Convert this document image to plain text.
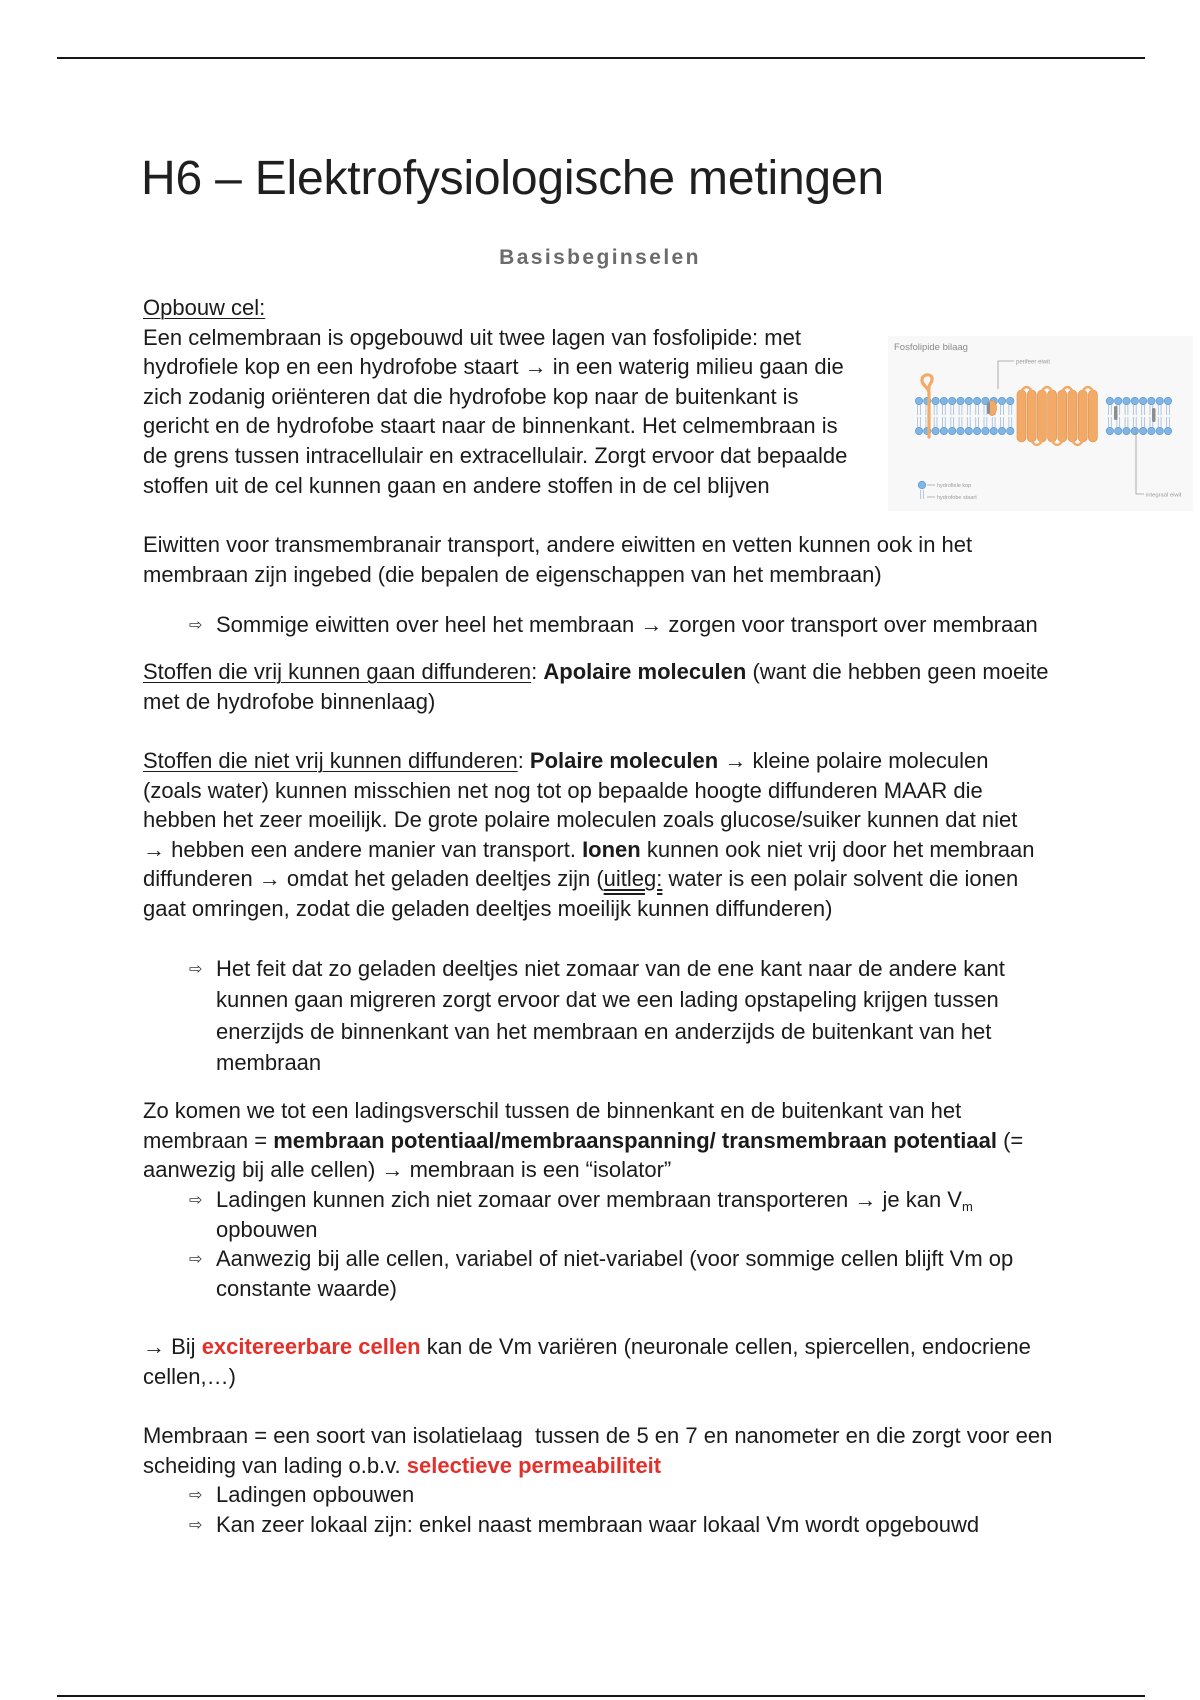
H6 – Elektrofysiologische metingen
Basisbeginselen
Opbouw cel:
Een celmembraan is opgebouwd uit twee lagen van fosfolipide: met
hydrofiele kop en een hydrofobe staart → in een waterig milieu gaan die
zich zodanig oriënteren dat die hydrofobe kop naar de buitenkant is
gericht en de hydrofobe staart naar de binnenkant. Het celmembraan is
de grens tussen intracellulair en extracellulair. Zorgt ervoor dat bepaalde
stoffen uit de cel kunnen gaan en andere stoffen in de cel blijven
Fosfolipide bilaag
perifeer eiwit
integraal eiwit
hydrofiele kop
hydrofobe staart
Eiwitten voor transmembranair transport, andere eiwitten en vetten kunnen ook in het
membraan zijn ingebed (die bepalen de eigenschappen van het membraan)
⇨ Sommige eiwitten over heel het membraan → zorgen voor transport over membraan
Stoffen die vrij kunnen gaan diffunderen: Apolaire moleculen (want die hebben geen moeite
met de hydrofobe binnenlaag)
Stoffen die niet vrij kunnen diffunderen: Polaire moleculen → kleine polaire moleculen
(zoals water) kunnen misschien net nog tot op bepaalde hoogte diffunderen MAAR die
hebben het zeer moeilijk. De grote polaire moleculen zoals glucose/suiker kunnen dat niet
→ hebben een andere manier van transport. Ionen kunnen ook niet vrij door het membraan
diffunderen → omdat het geladen deeltjes zijn (uitleg: water is een polair solvent die ionen
gaat omringen, zodat die geladen deeltjes moeilijk kunnen diffunderen)
⇨ Het feit dat zo geladen deeltjes niet zomaar van de ene kant naar de andere kant
kunnen gaan migreren zorgt ervoor dat we een lading opstapeling krijgen tussen
enerzijds de binnenkant van het membraan en anderzijds de buitenkant van het
membraan
Zo komen we tot een ladingsverschil tussen de binnenkant en de buitenkant van het
membraan = membraan potentiaal/membraanspanning/ transmembraan potentiaal (=
aanwezig bij alle cellen) → membraan is een “isolator”
⇨ Ladingen kunnen zich niet zomaar over membraan transporteren → je kan $V_m$
opbouwen
⇨ Aanwezig bij alle cellen, variabel of niet-variabel (voor sommige cellen blijft Vm op
constante waarde)
→ Bij excitereerbare cellen kan de Vm variëren (neuronale cellen, spiercellen, endocriene
cellen,…)
Membraan = een soort van isolatielaag  tussen de 5 en 7 en nanometer en die zorgt voor een
scheiding van lading o.b.v. selectieve permeabiliteit
⇨ Ladingen opbouwen
⇨ Kan zeer lokaal zijn: enkel naast membraan waar lokaal Vm wordt opgebouwd
